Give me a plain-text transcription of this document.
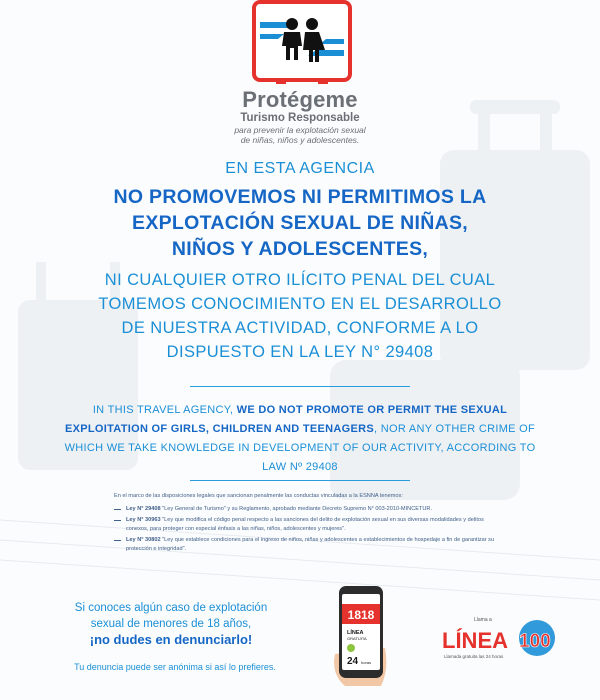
Protégeme
Turismo Responsable
para prevenir la explotación sexual
de niñas, niños y adolescentes.
EN ESTA AGENCIA
NO PROMOVEMOS NI PERMITIMOS LA
EXPLOTACIÓN SEXUAL DE NIÑAS,
NIÑOS Y ADOLESCENTES,
NI CUALQUIER OTRO ILÍCITO PENAL DEL CUAL
TOMEMOS CONOCIMIENTO EN EL DESARROLLO
DE NUESTRA ACTIVIDAD, CONFORME A LO
DISPUESTO EN LA LEY N° 29408
IN THIS TRAVEL AGENCY, WE DO NOT PROMOTE OR PERMIT THE SEXUAL EXPLOITATION OF GIRLS, CHILDREN AND TEENAGERS, NOR ANY OTHER CRIME OF WHICH WE TAKE KNOWLEDGE IN DEVELOPMENT OF OUR ACTIVITY, ACCORDING TO LAW Nº 29408
En el marco de las disposiciones legales que sancionan penalmente las conductas vinculadas a la ESNNA tenemos:
Ley N° 29408 "Ley General de Turismo" y su Reglamento, aprobado mediante Decreto Supremo N° 003-2010-MINCETUR.
Ley N° 30963 "Ley que modifica el código penal respecto a las sanciones del delito de explotación sexual en sus diversas modalidades y delitos conexos, para proteger con especial énfasis a las niñas, niños, adolescentes y mujeres".
Ley N° 30802 "Ley que establece condiciones para el ingreso de niños, niñas y adolescentes a establecimientos de hospedaje a fin de garantizar su protección e integridad".
Si conoces algún caso de explotación
sexual de menores de 18 años,
¡no dudes en denunciarlo!
Tu denuncia puede ser anónima si así lo prefieres.
1818
LÍNEA
GRATUITA
24 horas
Llama a
LÍNEA 100
Llamada gratuita las 24 horas
